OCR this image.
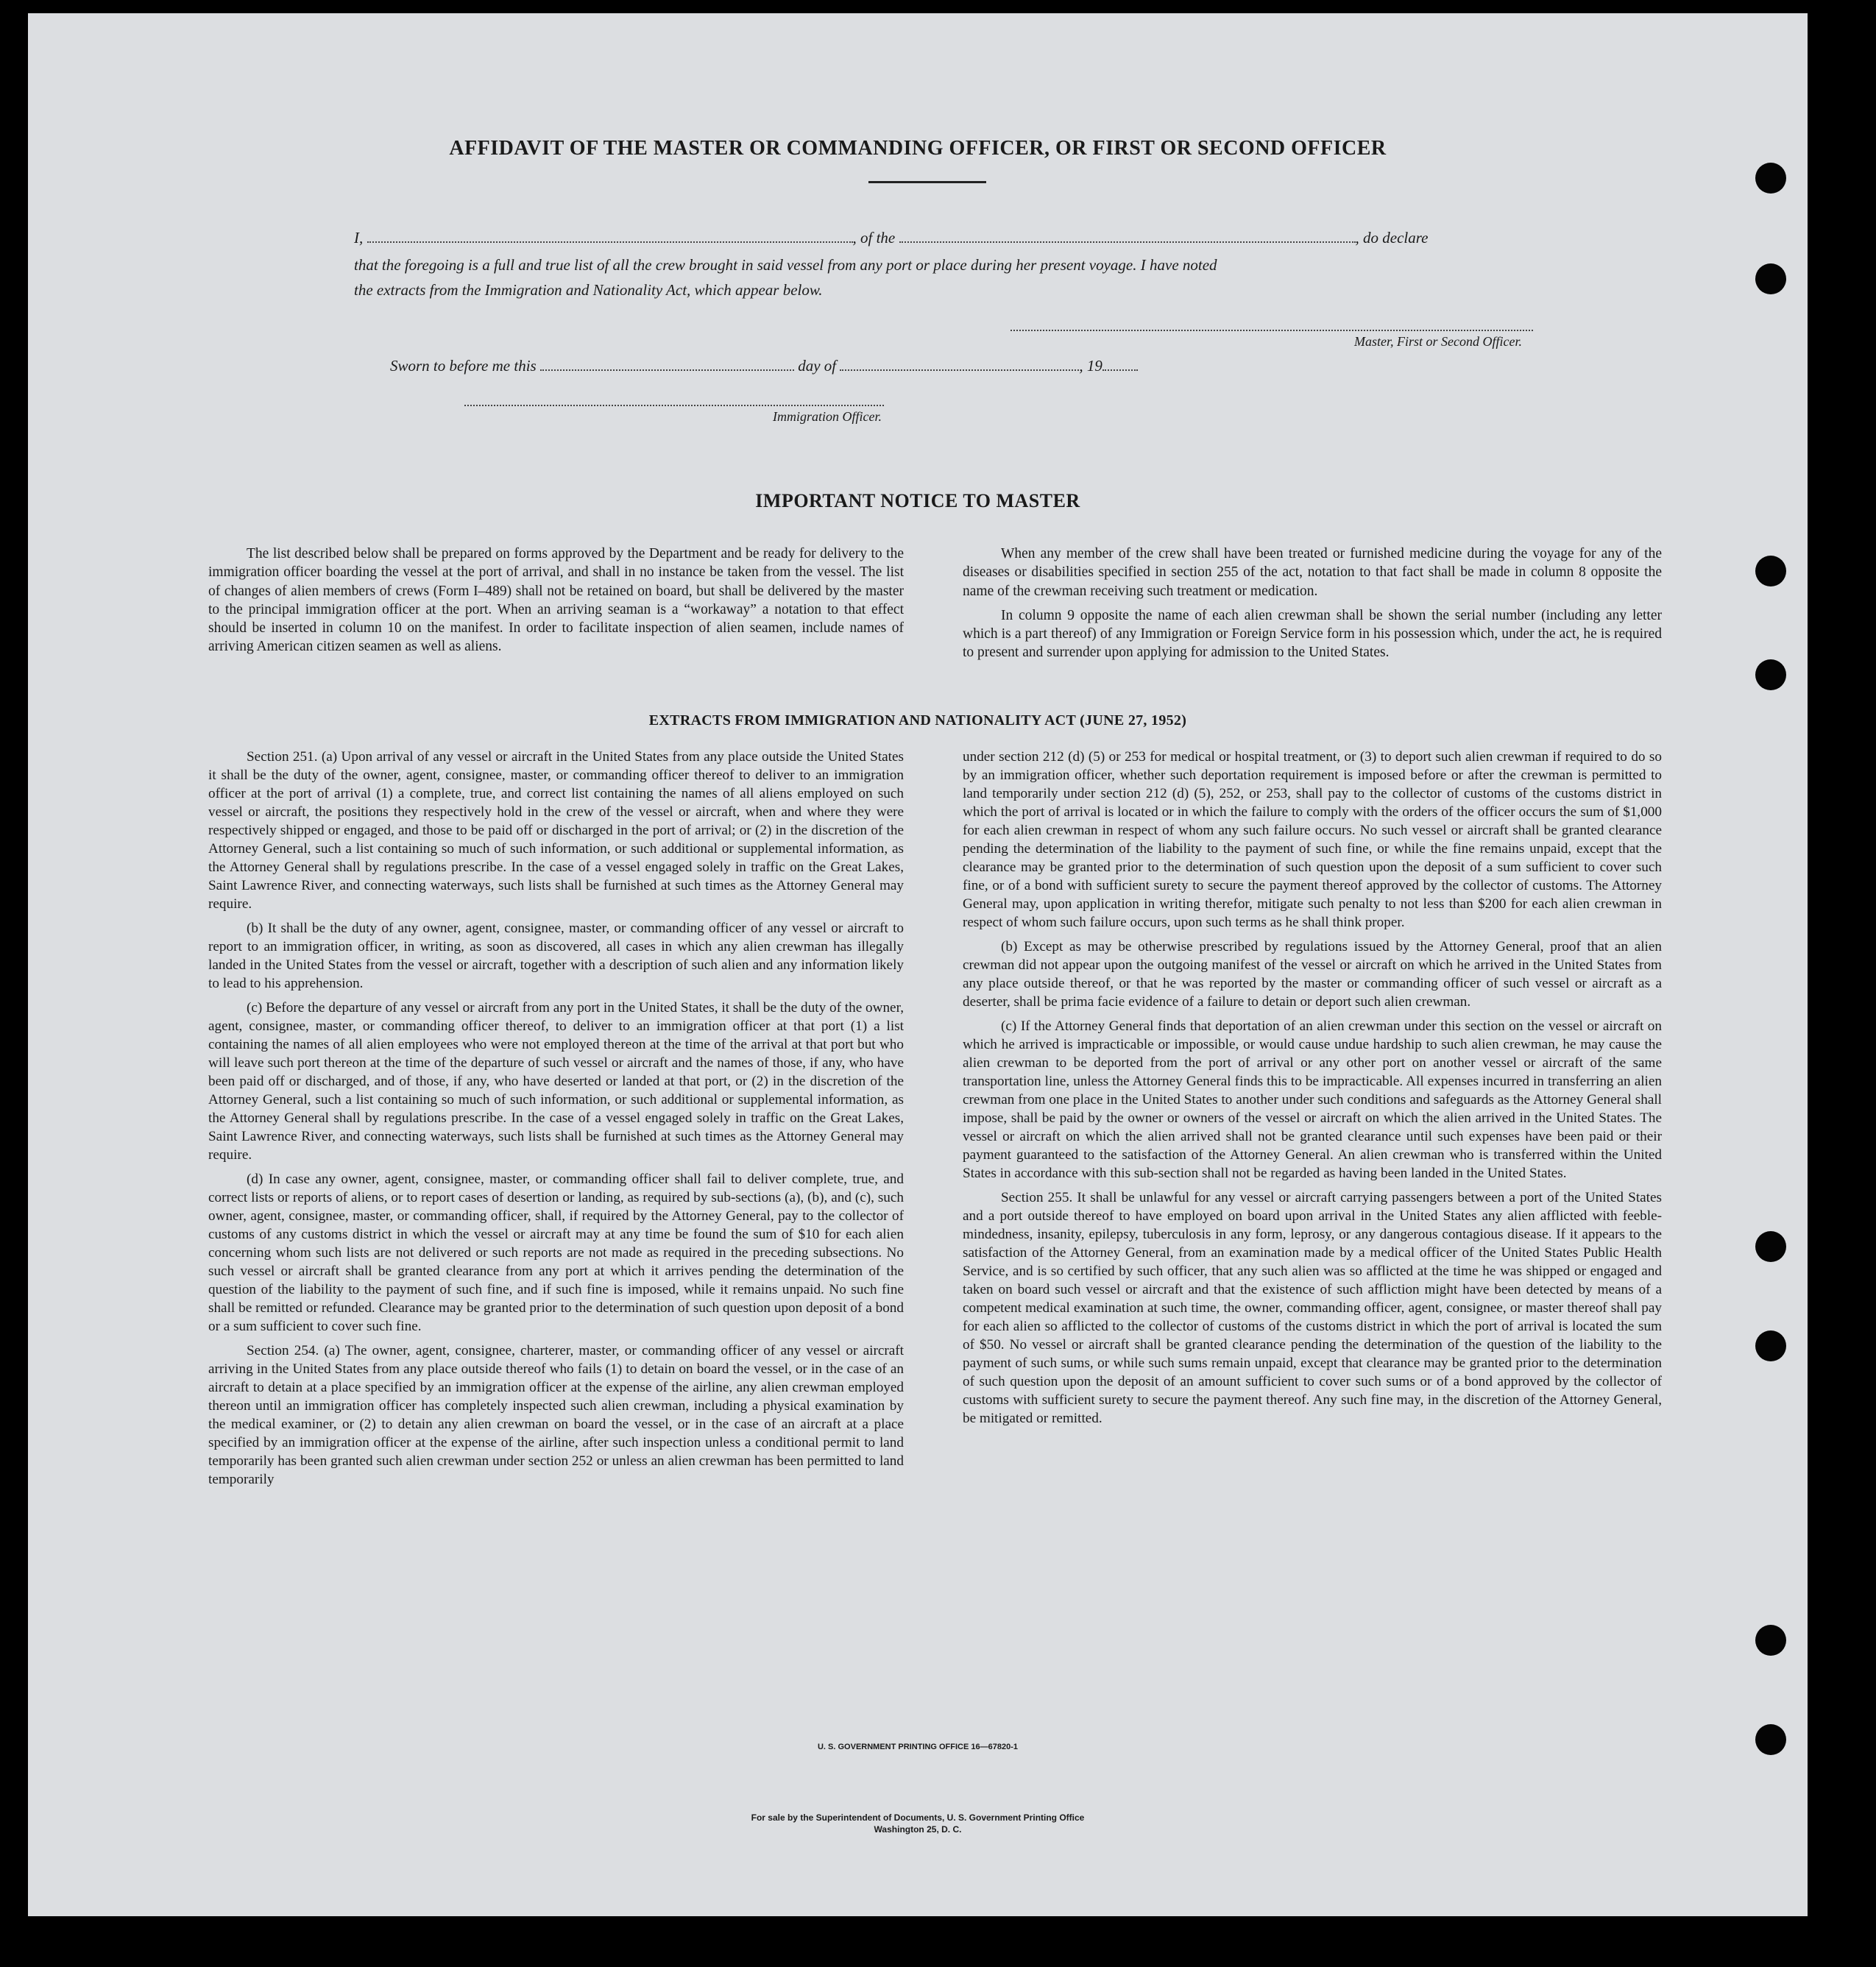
AFFIDAVIT OF THE MASTER OR COMMANDING OFFICER, OR FIRST OR SECOND OFFICER
I,	, of the	, do declare
that the foregoing is a full and true list of all the crew brought in said vessel from any port or place during her present voyage. I have noted
the extracts from the Immigration and Nationality Act, which appear below.
Master, First or Second Officer.
Sworn to before me this	day of	, 19
Immigration Officer.
IMPORTANT NOTICE TO MASTER

The list described below shall be prepared on forms approved by the Department and be ready for delivery to the immigration officer boarding the vessel at the port of arrival, and shall in no instance be taken from the vessel. The list of changes of alien members of crews (Form I–489) shall not be retained on board, but shall be delivered by the master to the principal immigration officer at the port. When an arriving seaman is a “workaway” a notation to that effect should be inserted in column 10 on the manifest. In order to facilitate inspection of alien seamen, include names of arriving American citizen seamen as well as aliens.

When any member of the crew shall have been treated or furnished medicine during the voyage for any of the diseases or disabilities specified in section 255 of the act, notation to that fact shall be made in column 8 opposite the name of the crewman receiving such treatment or medication.

In column 9 opposite the name of each alien crewman shall be shown the serial number (including any letter which is a part thereof) of any Immigration or Foreign Service form in his possession which, under the act, he is required to present and surrender upon applying for admission to the United States.

EXTRACTS FROM IMMIGRATION AND NATIONALITY ACT (JUNE 27, 1952)

Section 251. (a) Upon arrival of any vessel or aircraft in the United States from any place outside the United States it shall be the duty of the owner, agent, consignee, master, or commanding officer thereof to deliver to an immigration officer at the port of arrival (1) a complete, true, and correct list containing the names of all aliens employed on such vessel or aircraft, the positions they respectively hold in the crew of the vessel or aircraft, when and where they were respectively shipped or engaged, and those to be paid off or discharged in the port of arrival; or (2) in the discretion of the Attorney General, such a list containing so much of such information, or such additional or supplemental information, as the Attorney General shall by regulations prescribe. In the case of a vessel engaged solely in traffic on the Great Lakes, Saint Lawrence River, and connecting waterways, such lists shall be furnished at such times as the Attorney General may require.

(b) It shall be the duty of any owner, agent, consignee, master, or commanding officer of any vessel or aircraft to report to an immigration officer, in writing, as soon as discovered, all cases in which any alien crewman has illegally landed in the United States from the vessel or aircraft, together with a description of such alien and any information likely to lead to his apprehension.

(c) Before the departure of any vessel or aircraft from any port in the United States, it shall be the duty of the owner, agent, consignee, master, or commanding officer thereof, to deliver to an immigration officer at that port (1) a list containing the names of all alien employees who were not employed thereon at the time of the arrival at that port but who will leave such port thereon at the time of the departure of such vessel or aircraft and the names of those, if any, who have been paid off or discharged, and of those, if any, who have deserted or landed at that port, or (2) in the discretion of the Attorney General, such a list containing so much of such information, or such additional or supplemental information, as the Attorney General shall by regulations prescribe. In the case of a vessel engaged solely in traffic on the Great Lakes, Saint Lawrence River, and connecting waterways, such lists shall be furnished at such times as the Attorney General may require.

(d) In case any owner, agent, consignee, master, or commanding officer shall fail to deliver complete, true, and correct lists or reports of aliens, or to report cases of desertion or landing, as required by sub-sections (a), (b), and (c), such owner, agent, consignee, master, or commanding officer, shall, if required by the Attorney General, pay to the collector of customs of any customs district in which the vessel or aircraft may at any time be found the sum of $10 for each alien concerning whom such lists are not delivered or such reports are not made as required in the preceding subsections. No such vessel or aircraft shall be granted clearance from any port at which it arrives pending the determination of the question of the liability to the payment of such fine, and if such fine is imposed, while it remains unpaid. No such fine shall be remitted or refunded. Clearance may be granted prior to the determination of such question upon deposit of a bond or a sum sufficient to cover such fine.

Section 254. (a) The owner, agent, consignee, charterer, master, or commanding officer of any vessel or aircraft arriving in the United States from any place outside thereof who fails (1) to detain on board the vessel, or in the case of an aircraft to detain at a place specified by an immigration officer at the expense of the airline, any alien crewman employed thereon until an immigration officer has completely inspected such alien crewman, including a physical examination by the medical examiner, or (2) to detain any alien crewman on board the vessel, or in the case of an aircraft at a place specified by an immigration officer at the expense of the airline, after such inspection unless a conditional permit to land temporarily has been granted such alien crewman under section 252 or unless an alien crewman has been permitted to land temporarily

under section 212 (d) (5) or 253 for medical or hospital treatment, or (3) to deport such alien crewman if required to do so by an immigration officer, whether such deportation requirement is imposed before or after the crewman is permitted to land temporarily under section 212 (d) (5), 252, or 253, shall pay to the collector of customs of the customs district in which the port of arrival is located or in which the failure to comply with the orders of the officer occurs the sum of $1,000 for each alien crewman in respect of whom any such failure occurs. No such vessel or aircraft shall be granted clearance pending the determination of the liability to the payment of such fine, or while the fine remains unpaid, except that the clearance may be granted prior to the determination of such question upon the deposit of a sum sufficient to cover such fine, or of a bond with sufficient surety to secure the payment thereof approved by the collector of customs. The Attorney General may, upon application in writing therefor, mitigate such penalty to not less than $200 for each alien crewman in respect of whom such failure occurs, upon such terms as he shall think proper.

(b) Except as may be otherwise prescribed by regulations issued by the Attorney General, proof that an alien crewman did not appear upon the outgoing manifest of the vessel or aircraft on which he arrived in the United States from any place outside thereof, or that he was reported by the master or commanding officer of such vessel or aircraft as a deserter, shall be prima facie evidence of a failure to detain or deport such alien crewman.

(c) If the Attorney General finds that deportation of an alien crewman under this section on the vessel or aircraft on which he arrived is impracticable or impossible, or would cause undue hardship to such alien crewman, he may cause the alien crewman to be deported from the port of arrival or any other port on another vessel or aircraft of the same transportation line, unless the Attorney General finds this to be impracticable. All expenses incurred in transferring an alien crewman from one place in the United States to another under such conditions and safeguards as the Attorney General shall impose, shall be paid by the owner or owners of the vessel or aircraft on which the alien arrived in the United States. The vessel or aircraft on which the alien arrived shall not be granted clearance until such expenses have been paid or their payment guaranteed to the satisfaction of the Attorney General. An alien crewman who is transferred within the United States in accordance with this sub-section shall not be regarded as having been landed in the United States.

Section 255. It shall be unlawful for any vessel or aircraft carrying passengers between a port of the United States and a port outside thereof to have employed on board upon arrival in the United States any alien afflicted with feeble-mindedness, insanity, epilepsy, tuberculosis in any form, leprosy, or any dangerous contagious disease. If it appears to the satisfaction of the Attorney General, from an examination made by a medical officer of the United States Public Health Service, and is so certified by such officer, that any such alien was so afflicted at the time he was shipped or engaged and taken on board such vessel or aircraft and that the existence of such affliction might have been detected by means of a competent medical examination at such time, the owner, commanding officer, agent, consignee, or master thereof shall pay for each alien so afflicted to the collector of customs of the customs district in which the port of arrival is located the sum of $50. No vessel or aircraft shall be granted clearance pending the determination of the question of the liability to the payment of such sums, or while such sums remain unpaid, except that clearance may be granted prior to the determination of such question upon the deposit of an amount sufficient to cover such sums or of a bond approved by the collector of customs with sufficient surety to secure the payment thereof. Any such fine may, in the discretion of the Attorney General, be mitigated or remitted.

U. S. GOVERNMENT PRINTING OFFICE 16—67820-1
For sale by the Superintendent of Documents, U. S. Government Printing Office
Washington 25, D. C.
